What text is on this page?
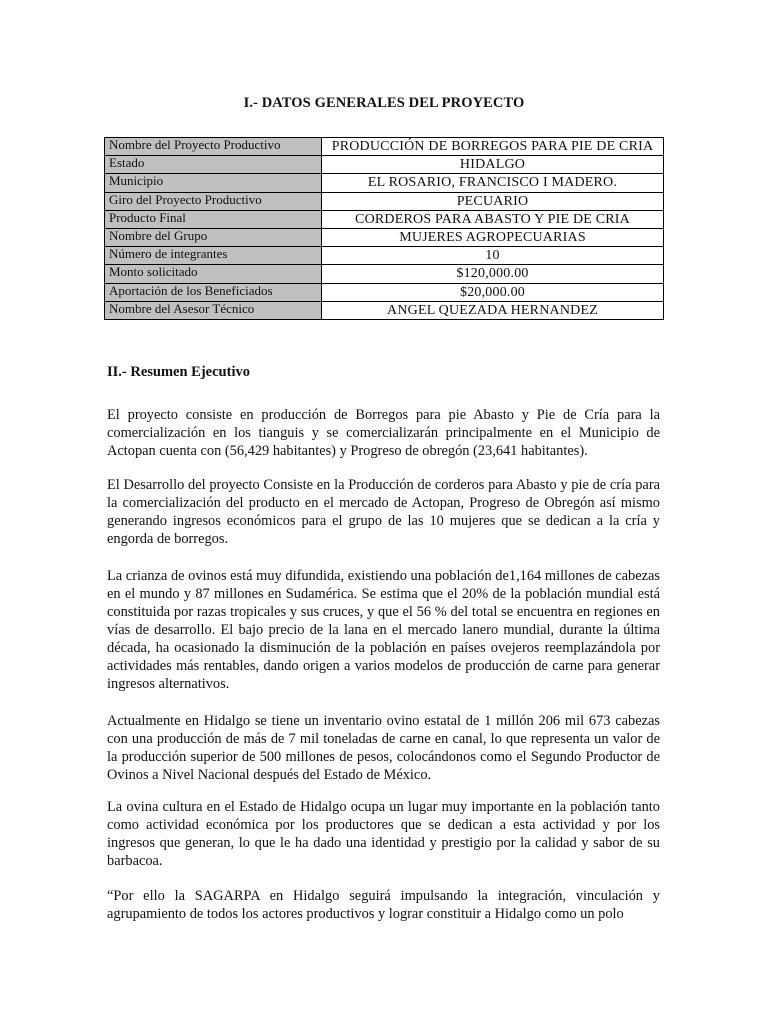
I.- DATOS GENERALES DEL PROYECTO
Nombre del Proyecto Productivo	PRODUCCIÓN DE BORREGOS PARA PIE DE CRIA
Estado	HIDALGO
Municipio	EL ROSARIO, FRANCISCO I MADERO.
Giro del Proyecto Productivo	PECUARIO
Producto Final	CORDEROS PARA ABASTO Y PIE DE CRIA
Nombre del Grupo	MUJERES AGROPECUARIAS
Número de integrantes	10
Monto solicitado	$120,000.00
Aportación de los Beneficiados	$20,000.00
Nombre del Asesor Técnico	ANGEL QUEZADA HERNANDEZ
II.- Resumen Ejecutivo
El proyecto consiste en producción de Borregos para pie Abasto y Pie de Cría para la comercialización en los tianguis y se comercializarán principalmente en el Municipio de Actopan cuenta con (56,429 habitantes) y Progreso de obregón (23,641 habitantes).
El Desarrollo del proyecto Consiste en la Producción de corderos para Abasto y pie de cría para la comercialización del producto en el mercado de Actopan, Progreso de Obregón así mismo generando ingresos económicos para el grupo de las 10 mujeres que se dedican a la cría y engorda de borregos.
La crianza de ovinos está muy difundida, existiendo una población de1,164 millones de cabezas en el mundo y 87 millones en Sudamérica. Se estima que el 20% de la población mundial está constituida por razas tropicales y sus cruces, y que el 56 % del total se encuentra en regiones en vías de desarrollo. El bajo precio de la lana en el mercado lanero mundial, durante la última década, ha ocasionado la disminución de la población en países ovejeros reemplazándola por actividades más rentables, dando origen a varios modelos de producción de carne para generar ingresos alternativos.
Actualmente en Hidalgo se tiene un inventario ovino estatal de 1 millón 206 mil 673 cabezas con una producción de más de 7 mil toneladas de carne en canal, lo que representa un valor de la producción superior de 500 millones de pesos, colocándonos como el Segundo Productor de Ovinos a Nivel Nacional después del Estado de México.
La ovina cultura en el Estado de Hidalgo ocupa un lugar muy importante en la población tanto como actividad económica por los productores que se dedican a esta actividad y por los ingresos que generan, lo que le ha dado una identidad y prestigio por la calidad y sabor de su barbacoa.
“Por ello la SAGARPA en Hidalgo seguirá impulsando la integración, vinculación y agrupamiento de todos los actores productivos y lograr constituir a Hidalgo como un polo
